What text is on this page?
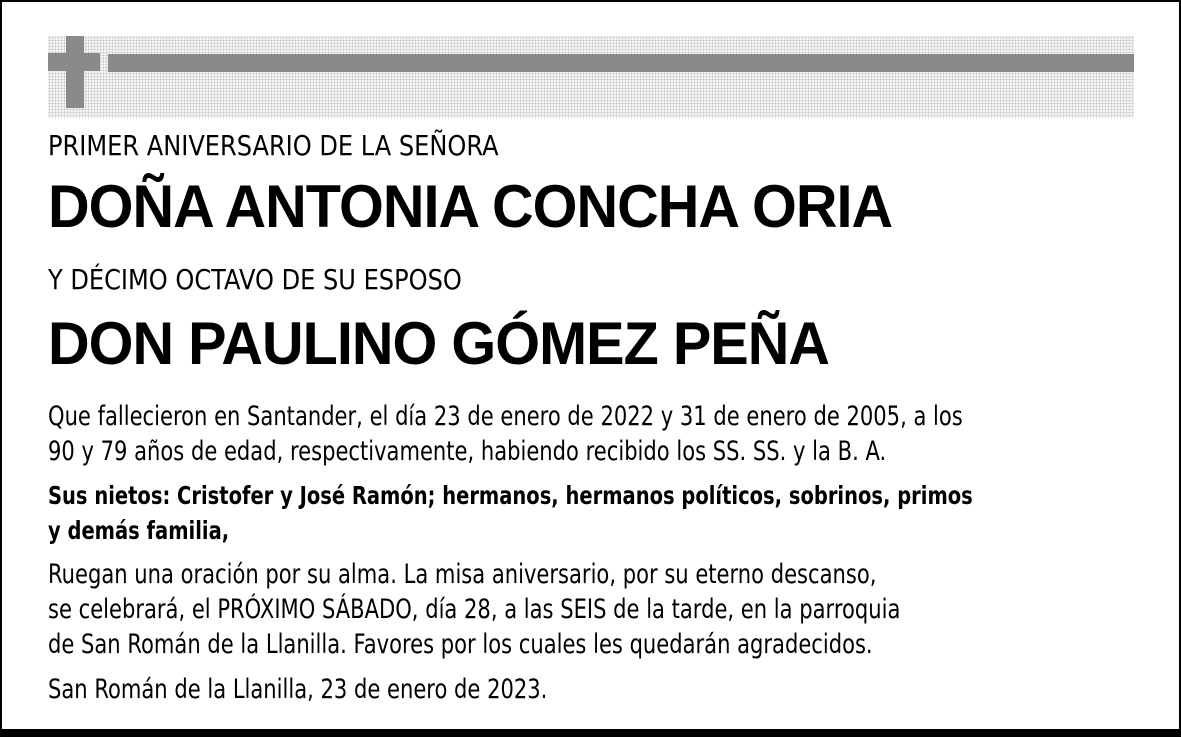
PRIMER ANIVERSARIO DE LA SEÑORA
DOÑA ANTONIA CONCHA ORIA
Y DÉCIMO OCTAVO DE SU ESPOSO
DON PAULINO GÓMEZ PEÑA
Que fallecieron en Santander, el día 23 de enero de 2022 y 31 de enero de 2005, a los
90 y 79 años de edad, respectivamente, habiendo recibido los SS. SS. y la B. A.
Sus nietos: Cristofer y José Ramón; hermanos, hermanos políticos, sobrinos, primos
y demás familia,
Ruegan una oración por su alma. La misa aniversario, por su eterno descanso,
se celebrará, el PRÓXIMO SÁBADO, día 28, a las SEIS de la tarde, en la parroquia
de San Román de la Llanilla. Favores por los cuales les quedarán agradecidos.
San Román de la Llanilla, 23 de enero de 2023.
